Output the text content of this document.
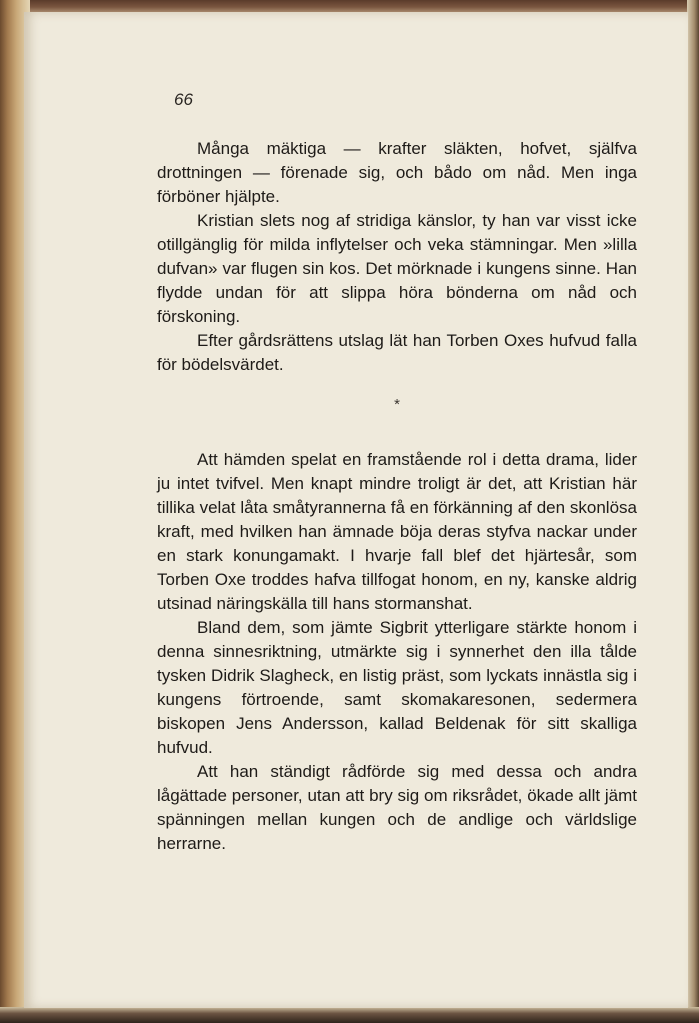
66

Många mäktiga — krafter släkten, hofvet, själfva drottningen — förenade sig, och bådo om nåd. Men inga förböner hjälpte.

Kristian slets nog af stridiga känslor, ty han var visst icke otillgänglig för milda inflytelser och veka stämningar. Men »lilla dufvan» var flugen sin kos. Det mörknade i kungens sinne. Han flydde undan för att slippa höra bönderna om nåd och förskoning.

Efter gårdsrättens utslag lät han Torben Oxes hufvud falla för bödelsvärdet.

*

Att hämden spelat en framstående rol i detta drama, lider ju intet tvifvel. Men knapt mindre troligt är det, att Kristian här tillika velat låta småtyrannerna få en förkänning af den skonlösa kraft, med hvilken han ämnade böja deras styfva nackar under en stark konungamakt. I hvarje fall blef det hjärtesår, som Torben Oxe troddes hafva tillfogat honom, en ny, kanske aldrig utsinad näringskälla till hans stormanshat.

Bland dem, som jämte Sigbrit ytterligare stärkte honom i denna sinnesriktning, utmärkte sig i synnerhet den illa tålde tysken Didrik Slagheck, en listig präst, som lyckats innästla sig i kungens förtroende, samt skomakaresonen, sedermera biskopen Jens Andersson, kallad Beldenak för sitt skalliga hufvud.

Att han ständigt rådförde sig med dessa och andra lågättade personer, utan att bry sig om riksrådet, ökade allt jämt spänningen mellan kungen och de andlige och världslige herrarne.
